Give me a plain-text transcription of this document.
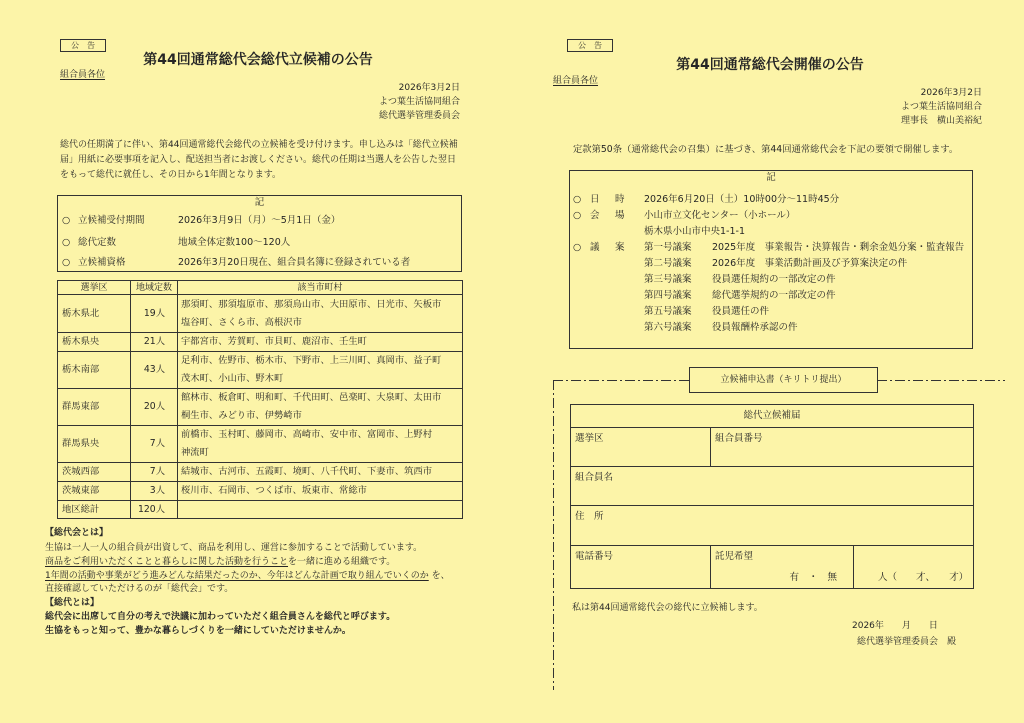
公　告
第44回通常総代会総代立候補の公告
組合員各位
2026年3月2日
よつ葉生活協同組合
総代選挙管理委員会
総代の任期満了に伴い、第44回通常総代会総代の立候補を受け付けます。申し込みは「総代立候補
届」用紙に必要事項を記入し、配送担当者にお渡しください。総代の任期は当選人を公告した翌日
をもって総代に就任し、その日から1年間となります。
記
○ 立候補受付期間	2026年3月9日（月）～5月1日（金）
○ 総代定数	地域全体定数100～120人
○ 立候補資格	2026年3月20日現在、組合員名簿に登録されている者
選挙区	地域定数	該当市町村
栃木県北	19人	那須町、那須塩原市、那須烏山市、大田原市、日光市、矢板市
塩谷町、さくら市、高根沢市

栃木県央	21人	宇都宮市、芳賀町、市貝町、鹿沼市、壬生町

栃木南部	43人	足利市、佐野市、栃木市、下野市、上三川町、真岡市、益子町
茂木町、小山市、野木町

群馬東部	20人	館林市、板倉町、明和町、千代田町、邑楽町、大泉町、太田市
桐生市、みどり市、伊勢崎市

群馬県央	7人	前橋市、玉村町、藤岡市、高崎市、安中市、富岡市、上野村
神流町

茨城西部	7人	結城市、古河市、五霞町、境町、八千代町、下妻市、筑西市

茨城東部	3人	桜川市、石岡市、つくば市、坂東市、常総市

地区総計	120人	
【総代会とは】
生協は一人一人の組合員が出資して、商品を利用し、運営に参加することで活動しています。
商品をご利用いただくことと暮らしに関した活動を行うことを一緒に進める組織です。
1年間の活動や事業がどう進みどんな結果だったのか、今年はどんな計画で取り組んでいくのか を、
直接確認していただけるのが「総代会」です。
【総代とは】
総代会に出席して自分の考えで決議に加わっていただく組合員さんを総代と呼びます。
生協をもっと知って、豊かな暮らしづくりを一緒にしていただけませんか。
公　告
第44回通常総代会開催の公告
組合員各位
2026年3月2日
よつ葉生活協同組合
理事長　横山美裕紀
定款第50条（通常総代会の召集）に基づき、第44回通常総代会を下記の要領で開催します。
記
○ 日　時 2026年6月20日（土）10時00分～11時45分
○ 会　場 小山市立文化センター（小ホール）
栃木県小山市中央1-1-1
○ 議　案 第一号議案 2025年度　事業報告・決算報告・剰余金処分案・監査報告
第二号議案 2026年度　事業活動計画及び予算案決定の件
第三号議案 役員選任規約の一部改定の件
第四号議案 総代選挙規約の一部改定の件
第五号議案 役員選任の件
第六号議案 役員報酬枠承認の件
立候補申込書（キリトリ提出）
総代立候補届		
選挙区	組合員番号	
組合員名		
住　所		
電話番号	託児希望
有　・　無	人（　　才、　　才）
私は第44回通常総代会の総代に立候補します。
2026年　　月　　日
総代選挙管理委員会　殿
